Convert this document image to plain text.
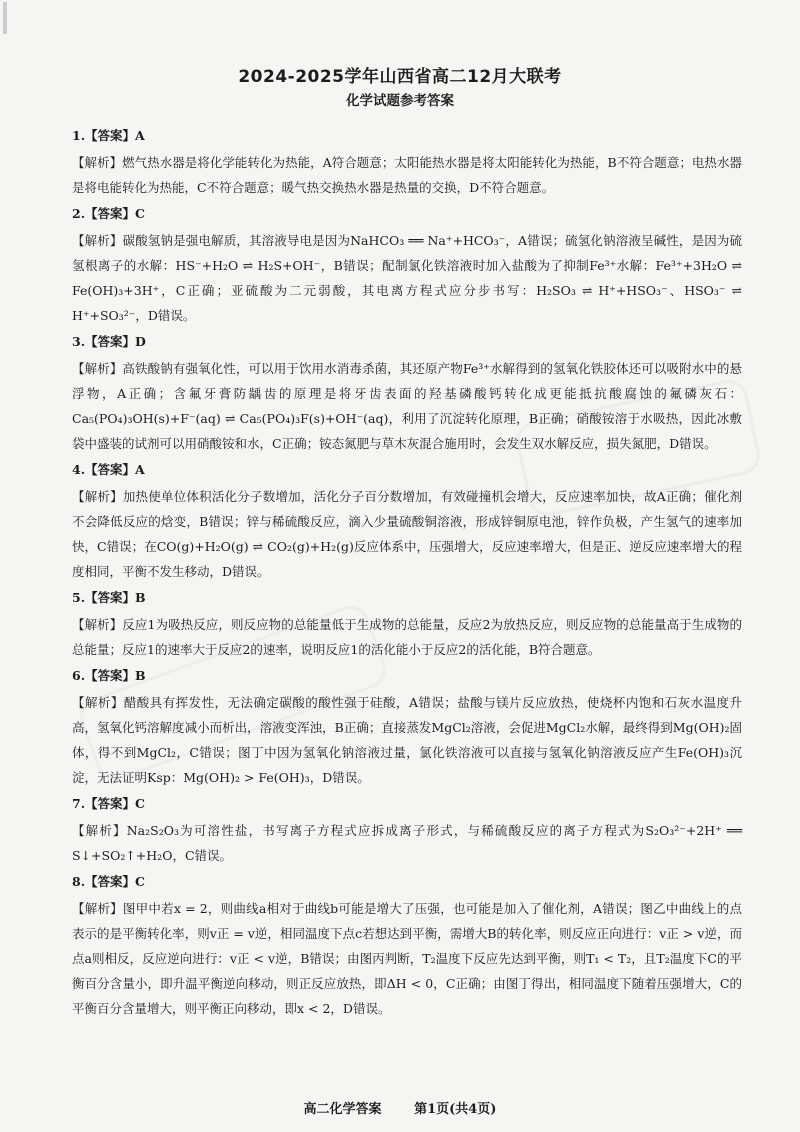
2024-2025学年山西省高二12月大联考
化学试题参考答案

1.【答案】A

【解析】燃气热水器是将化学能转化为热能，A符合题意；太阳能热水器是将太阳能转化为热能，B不符合题意；电热水器是将电能转化为热能，C不符合题意；暖气热交换热水器是热量的交换，D不符合题意。

2.【答案】C

【解析】碳酸氢钠是强电解质，其溶液导电是因为NaHCO₃ ══ Na⁺+HCO₃⁻，A错误；硫氢化钠溶液呈碱性，是因为硫氢根离子的水解：HS⁻+H₂O ⇌ H₂S+OH⁻，B错误；配制氯化铁溶液时加入盐酸为了抑制Fe³⁺水解：Fe³⁺+3H₂O ⇌ Fe(OH)₃+3H⁺，C正确；亚硫酸为二元弱酸，其电离方程式应分步书写：H₂SO₃ ⇌ H⁺+HSO₃⁻、HSO₃⁻ ⇌ H⁺+SO₃²⁻，D错误。

3.【答案】D

【解析】高铁酸钠有强氧化性，可以用于饮用水消毒杀菌，其还原产物Fe³⁺水解得到的氢氧化铁胶体还可以吸附水中的悬浮物，A正确；含氟牙膏防龋齿的原理是将牙齿表面的羟基磷酸钙转化成更能抵抗酸腐蚀的氟磷灰石：Ca₅(PO₄)₃OH(s)+F⁻(aq) ⇌ Ca₅(PO₄)₃F(s)+OH⁻(aq)，利用了沉淀转化原理，B正确；硝酸铵溶于水吸热，因此冰敷袋中盛装的试剂可以用硝酸铵和水，C正确；铵态氮肥与草木灰混合施用时，会发生双水解反应，损失氮肥，D错误。

4.【答案】A

【解析】加热使单位体积活化分子数增加，活化分子百分数增加，有效碰撞机会增大，反应速率加快，故A正确；催化剂不会降低反应的焓变，B错误；锌与稀硫酸反应，滴入少量硫酸铜溶液，形成锌铜原电池，锌作负极，产生氢气的速率加快，C错误；在CO(g)+H₂O(g) ⇌ CO₂(g)+H₂(g)反应体系中，压强增大，反应速率增大，但是正、逆反应速率增大的程度相同，平衡不发生移动，D错误。

5.【答案】B

【解析】反应1为吸热反应，则反应物的总能量低于生成物的总能量，反应2为放热反应，则反应物的总能量高于生成物的总能量；反应1的速率大于反应2的速率，说明反应1的活化能小于反应2的活化能，B符合题意。

6.【答案】B

【解析】醋酸具有挥发性，无法确定碳酸的酸性强于硅酸，A错误；盐酸与镁片反应放热，使烧杯内饱和石灰水温度升高，氢氧化钙溶解度减小而析出，溶液变浑浊，B正确；直接蒸发MgCl₂溶液，会促进MgCl₂水解，最终得到Mg(OH)₂固体，得不到MgCl₂，C错误；图丁中因为氢氧化钠溶液过量，氯化铁溶液可以直接与氢氧化钠溶液反应产生Fe(OH)₃沉淀，无法证明Ksp：Mg(OH)₂ > Fe(OH)₃，D错误。

7.【答案】C

【解析】Na₂S₂O₃为可溶性盐，书写离子方程式应拆成离子形式，与稀硫酸反应的离子方程式为S₂O₃²⁻+2H⁺ ══ S↓+SO₂↑+H₂O，C错误。

8.【答案】C

【解析】图甲中若x = 2，则曲线a相对于曲线b可能是增大了压强，也可能是加入了催化剂，A错误；图乙中曲线上的点表示的是平衡转化率，则v正 = v逆，相同温度下点c若想达到平衡，需增大B的转化率，则反应正向进行：v正 > v逆，而点a则相反，反应逆向进行：v正 < v逆，B错误；由图丙判断，T₂温度下反应先达到平衡，则T₁ < T₂，且T₂温度下C的平衡百分含量小，即升温平衡逆向移动，则正反应放热，即ΔH < 0，C正确；由图丁得出，相同温度下随着压强增大，C的平衡百分含量增大，则平衡正向移动，即x < 2，D错误。

高二化学答案	第1页(共4页)
